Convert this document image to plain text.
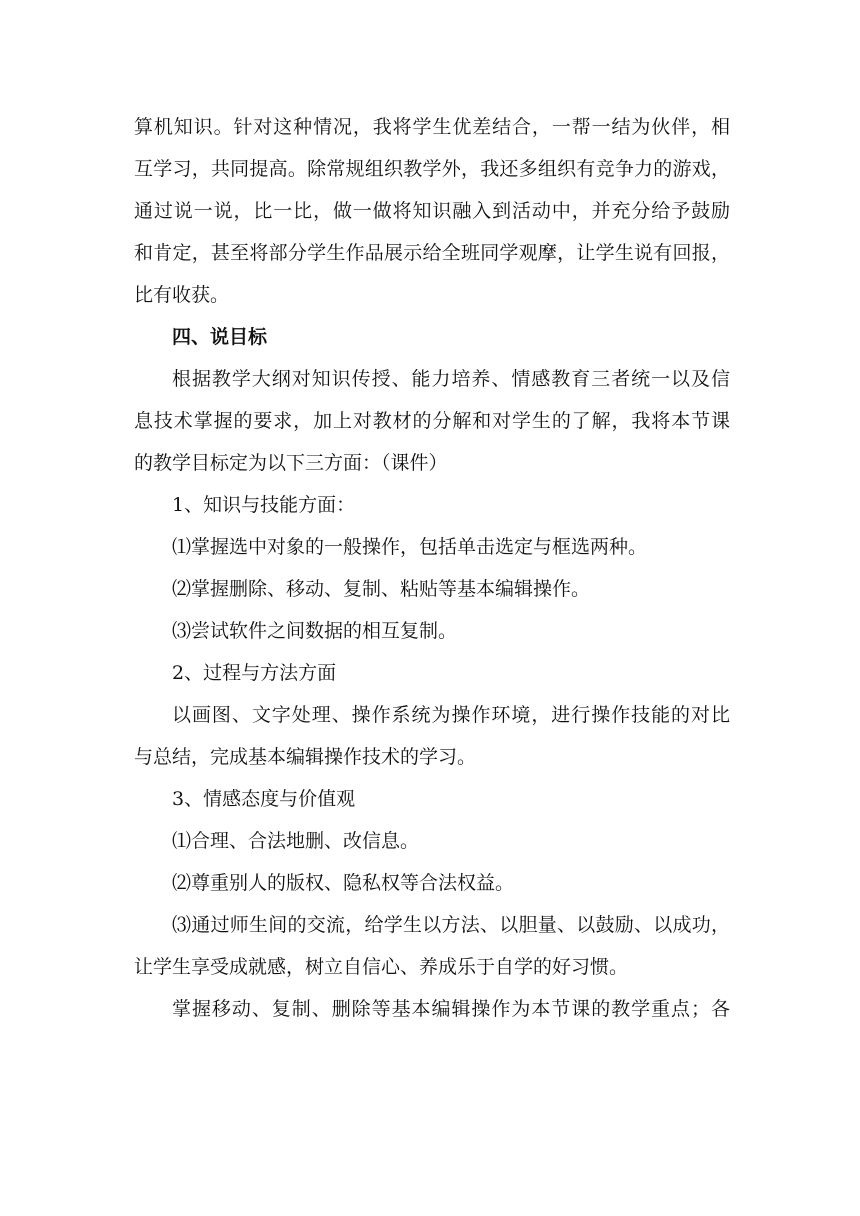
算机知识。针对这种情况，我将学生优差结合，一帮一结为伙伴，相
互学习，共同提高。除常规组织教学外，我还多组织有竞争力的游戏，
通过说一说，比一比，做一做将知识融入到活动中，并充分给予鼓励
和肯定，甚至将部分学生作品展示给全班同学观摩，让学生说有回报，
比有收获。
四、说目标
根据教学大纲对知识传授、能力培养、情感教育三者统一以及信
息技术掌握的要求，加上对教材的分解和对学生的了解，我将本节课
的教学目标定为以下三方面：（课件）
1、知识与技能方面：
⑴掌握选中对象的一般操作，包括单击选定与框选两种。
⑵掌握删除、移动、复制、粘贴等基本编辑操作。
⑶尝试软件之间数据的相互复制。
2、过程与方法方面
以画图、文字处理、操作系统为操作环境，进行操作技能的对比
与总结，完成基本编辑操作技术的学习。
3、情感态度与价值观
⑴合理、合法地删、改信息。
⑵尊重别人的版权、隐私权等合法权益。
⑶通过师生间的交流，给学生以方法、以胆量、以鼓励、以成功，
让学生享受成就感，树立自信心、养成乐于自学的好习惯。
掌握移动、复制、删除等基本编辑操作为本节课的教学重点；各
